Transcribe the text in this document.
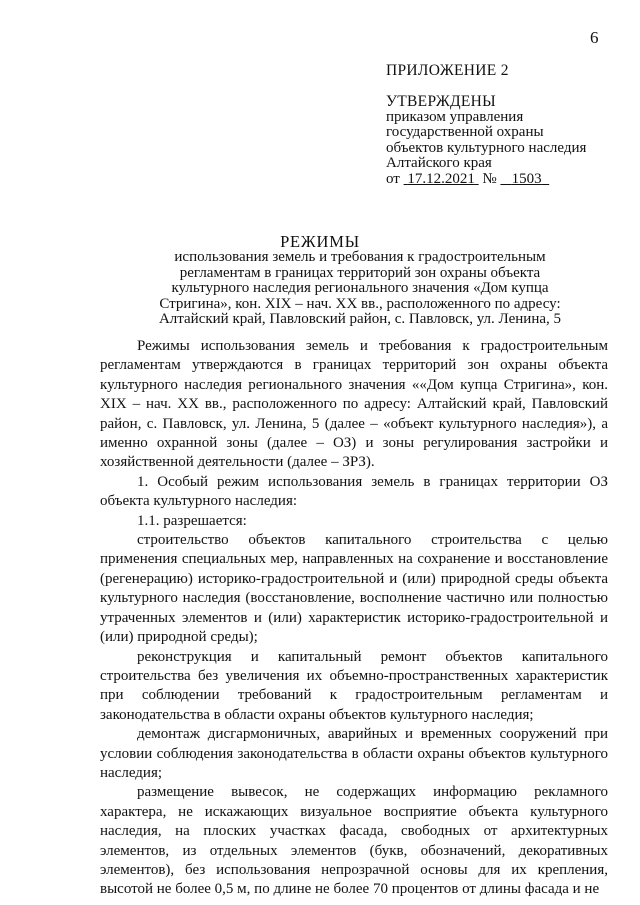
6
ПРИЛОЖЕНИЕ 2
УТВЕРЖДЕНЫ
приказом управления
государственной охраны
объектов культурного наследия
Алтайского края
от 17.12.2021 № 1503
РЕЖИМЫ
использования земель и требования к градостроительным регламентам в границах территорий зон охраны объекта культурного наследия регионального значения «Дом купца Стригина», кон. XIX – нач. XX вв., расположенного по адресу: Алтайский край, Павловский район, с. Павловск, ул. Ленина, 5

Режимы использования земель и требования к градостроительным регламентам утверждаются в границах территорий зон охраны объекта культурного наследия регионального значения ««Дом купца Стригина», кон. XIX – нач. XX вв., расположенного по адресу: Алтайский край, Павловский район, с. Павловск, ул. Ленина, 5 (далее – «объект культурного наследия»), а именно охранной зоны (далее – ОЗ) и зоны регулирования застройки и хозяйственной деятельности (далее – ЗРЗ).

1. Особый режим использования земель в границах территории ОЗ объекта культурного наследия:

1.1. разрешается:

строительство объектов капитального строительства с целью применения специальных мер, направленных на сохранение и восстановление (регенерацию) историко-градостроительной и (или) природной среды объекта культурного наследия (восстановление, восполнение частично или полностью утраченных элементов и (или) характеристик историко-градостроительной и (или) природной среды);

реконструкция и капитальный ремонт объектов капитального строительства без увеличения их объемно-пространственных характеристик при соблюдении требований к градостроительным регламентам и законодательства в области охраны объектов культурного наследия;

демонтаж дисгармоничных, аварийных и временных сооружений при условии соблюдения законодательства в области охраны объектов культурного наследия;

размещение вывесок, не содержащих информацию рекламного характера, не искажающих визуальное восприятие объекта культурного наследия, на плоских участках фасада, свободных от архитектурных элементов, из отдельных элементов (букв, обозначений, декоративных элементов), без использования непрозрачной основы для их крепления, высотой не более 0,5 м, по длине не более 70 процентов от длины фасада и не
